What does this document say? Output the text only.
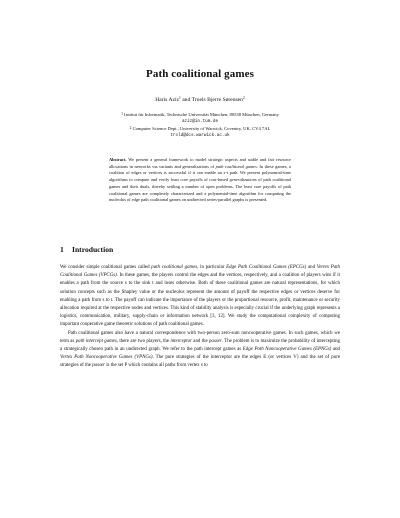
Path coalitional games
Haris Aziz$^1$ and Troels Bjerre Sørensen$^2$
$^1$ Institut für Informatik, Technische Universität München, 80538 München, Germany
aziz@in.tum.de
$^2$ Computer Science Dept., University of Warwick, Coventry, UK, CV4 7AL
trold@dcs.warwick.ac.uk

Abstract. We present a general framework to model strategic aspects and stable and fair resource allocations in networks via variants and generalizations of path coalitional games. In these games, a coalition of edges or vertices is successful if it can enable an s-t path. We present polynomial-time algorithms to compute and verify least core payoffs of cost-based generalizations of path coalitional games and their duals, thereby settling a number of open problems. The least core payoffs of path coalitional games are completely characterized and a polynomial-time algorithm for computing the nucleolus of edge path coalitional games on undirected series-parallel graphs is presented.

1 Introduction

We consider simple coalitional games called path coalitional games, in particular Edge Path Coalitional Games (EPCGs) and Vertex Path Coalitional Games (VPCGs). In these games, the players control the edges and the vertices, respectively, and a coalition of players wins if it enables a path from the source s to the sink t and loses otherwise. Both of these coalitional games are natural representations, for which solution concepts such as the Shapley value or the nucleolus represent the amount of payoff the respective edges or vertices deserve for enabling a path from s to t. The payoff can indicate the importance of the players or the proportional resource, profit, maintenance or security allocation required at the respective nodes and vertices. This kind of stability analysis is especially crucial if the underlying graph represents a logistics, communication, military, supply-chain or information network [3, 12]. We study the computational complexity of computing important cooperative game theoretic solutions of path coalitional games.

Path coalitional games also have a natural correspondence with two-person zero-sum noncooperative games. In such games, which we term as path intercept games, there are two players, the interceptor and the passer. The problem is to maximize the probability of intercepting a strategically chosen path in an undirected graph. We refer to the path intercept games as Edge Path Noncooperative Games (EPNGs) and Vertex Path Noncooperative Games (VPNGs). The pure strategies of the interceptor are the edges E (or vertices V) and the set of pure strategies of the passer is the set P which contains all paths from vertex s to
